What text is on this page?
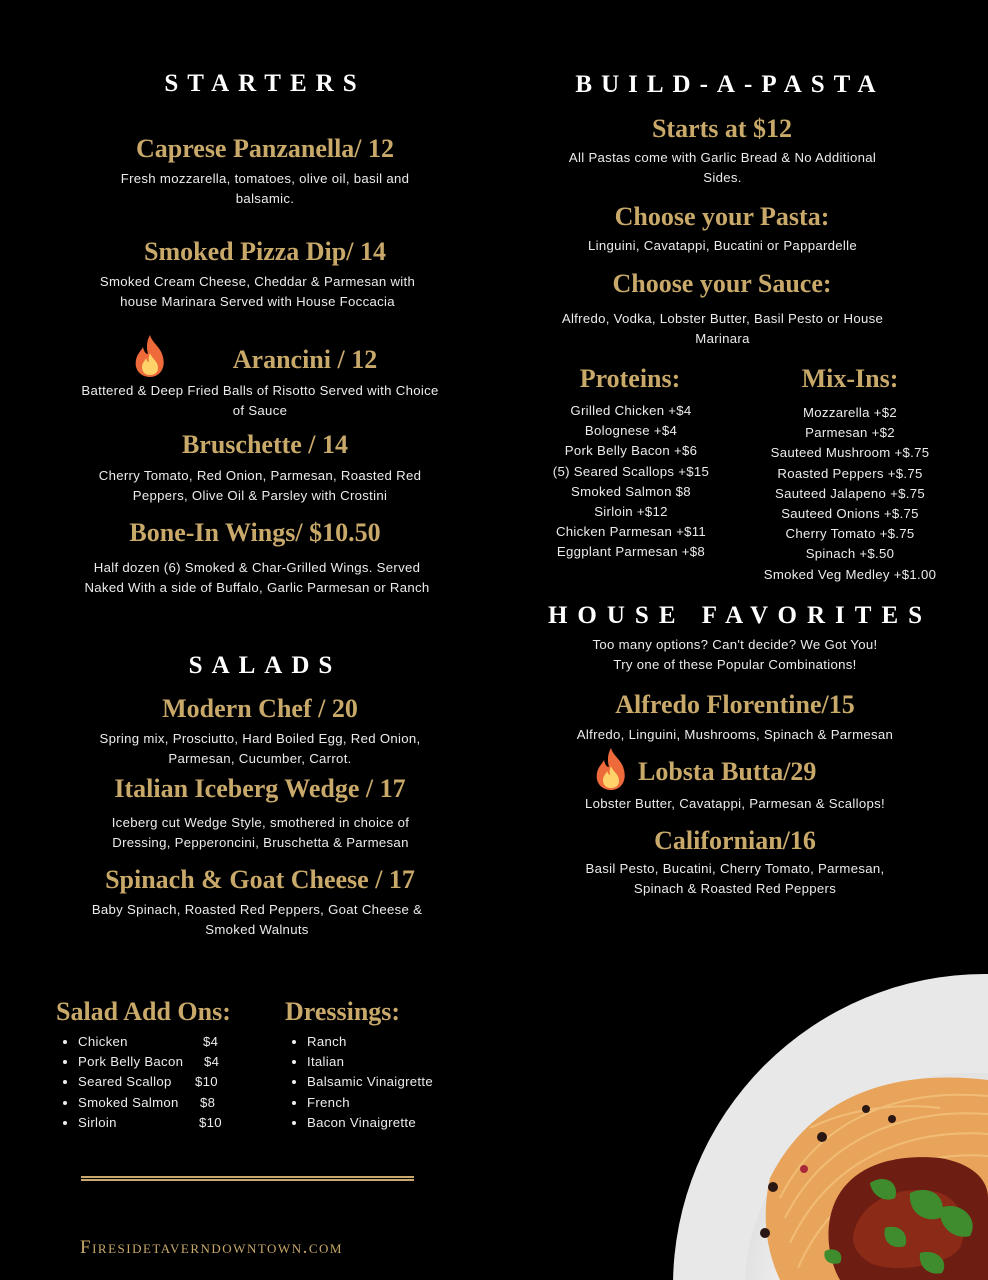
STARTERS
Caprese Panzanella/ 12
Fresh mozzarella, tomatoes, olive oil, basil and balsamic.
Smoked Pizza Dip/ 14
Smoked Cream Cheese, Cheddar & Parmesan with house Marinara Served with House Foccacia
Arancini / 12
Battered & Deep Fried Balls of Risotto Served with Choice of Sauce
Bruschette / 14
Cherry Tomato, Red Onion, Parmesan, Roasted Red Peppers, Olive Oil & Parsley with Crostini
Bone-In Wings/ $10.50
Half dozen (6) Smoked & Char-Grilled Wings. Served Naked With a side of Buffalo, Garlic Parmesan or Ranch
SALADS
Modern Chef / 20
Spring mix, Prosciutto, Hard Boiled Egg, Red Onion, Parmesan, Cucumber, Carrot.
Italian Iceberg Wedge / 17
Iceberg cut Wedge Style, smothered in choice of Dressing, Pepperoncini, Bruschetta & Parmesan
Spinach & Goat Cheese / 17
Baby Spinach, Roasted Red Peppers, Goat Cheese & Smoked Walnuts
Salad Add Ons:
Chicken	$4
Pork Belly Bacon $4
Seared Scallop $10
Smoked Salmon $8
Sirloin	$10
Dressings:
Ranch
Italian
Balsamic Vinaigrette
French
Bacon Vinaigrette
Firesidetaverndowntown.com
BUILD-A-PASTA
Starts at $12
All Pastas come with Garlic Bread & No Additional Sides.
Choose your Pasta:
Linguini, Cavatappi, Bucatini or Pappardelle
Choose your Sauce:
Alfredo, Vodka, Lobster Butter, Basil Pesto or House Marinara
Proteins:
Grilled Chicken +$4
Bolognese +$4
Pork Belly Bacon +$6
(5) Seared Scallops +$15
Smoked Salmon $8
Sirloin +$12
Chicken Parmesan +$11
Eggplant Parmesan +$8
Mix-Ins:
Mozzarella +$2
Parmesan +$2
Sauteed Mushroom +$.75
Roasted Peppers +$.75
Sauteed Jalapeno +$.75
Sauteed Onions +$.75
Cherry Tomato +$.75
Spinach +$.50
Smoked Veg Medley +$1.00
HOUSE FAVORITES
Too many options? Can't decide? We Got You!
Try one of these Popular Combinations!
Alfredo Florentine/15
Alfredo, Linguini, Mushrooms, Spinach & Parmesan
Lobsta Butta/29
Lobster Butter, Cavatappi, Parmesan & Scallops!
Californian/16
Basil Pesto, Bucatini, Cherry Tomato, Parmesan, Spinach & Roasted Red Peppers
